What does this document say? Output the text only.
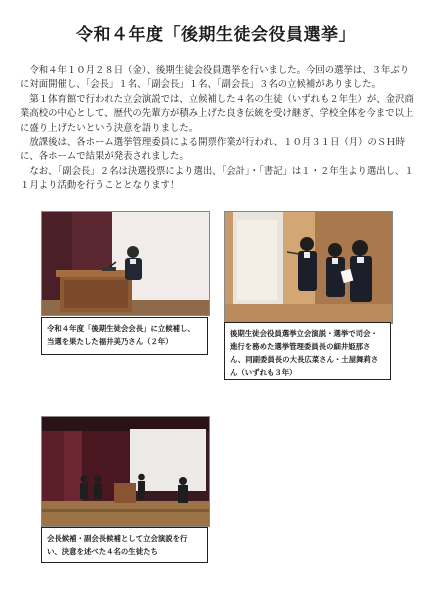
令和４年度「後期生徒会役員選挙」

令和４年１０月２８日（金）、後期生徒会役員選挙を行いました。今回の選挙は、３年ぶりに対面開催し、「会長」１名、「副会長」１名、「副会長」３名の立候補がありました。

第１体育館で行われた立会演説では、立候補した４名の生徒（いずれも２年生）が、金沢商業高校の中心として、歴代の先輩方が積み上げた良き伝統を受け継ぎ、学校全体を今まで以上に盛り上げたいという決意を語りました。

放課後は、各ホーム選挙管理委員による開票作業が行われ、１０月３１日（月）のＳＨ時に、各ホームで結果が発表されました。

なお、「副会長」２名は決選投票により選出、「会計」・「書記」は１・２年生より選出し、１１月より活動を行うこととなります！

令和４年度「後期生徒会会長」に立候補し、当選を果たした福井美乃さん（２年）
後期生徒会役員選挙立会演説・選挙で司会・進行を務めた選挙管理委員長の細井姫那さん、同副委員長の大長広菜さん・土屋舞莉さん（いずれも３年）
会長候補・副会長候補として立会演説を行い、決意を述べた４名の生徒たち
